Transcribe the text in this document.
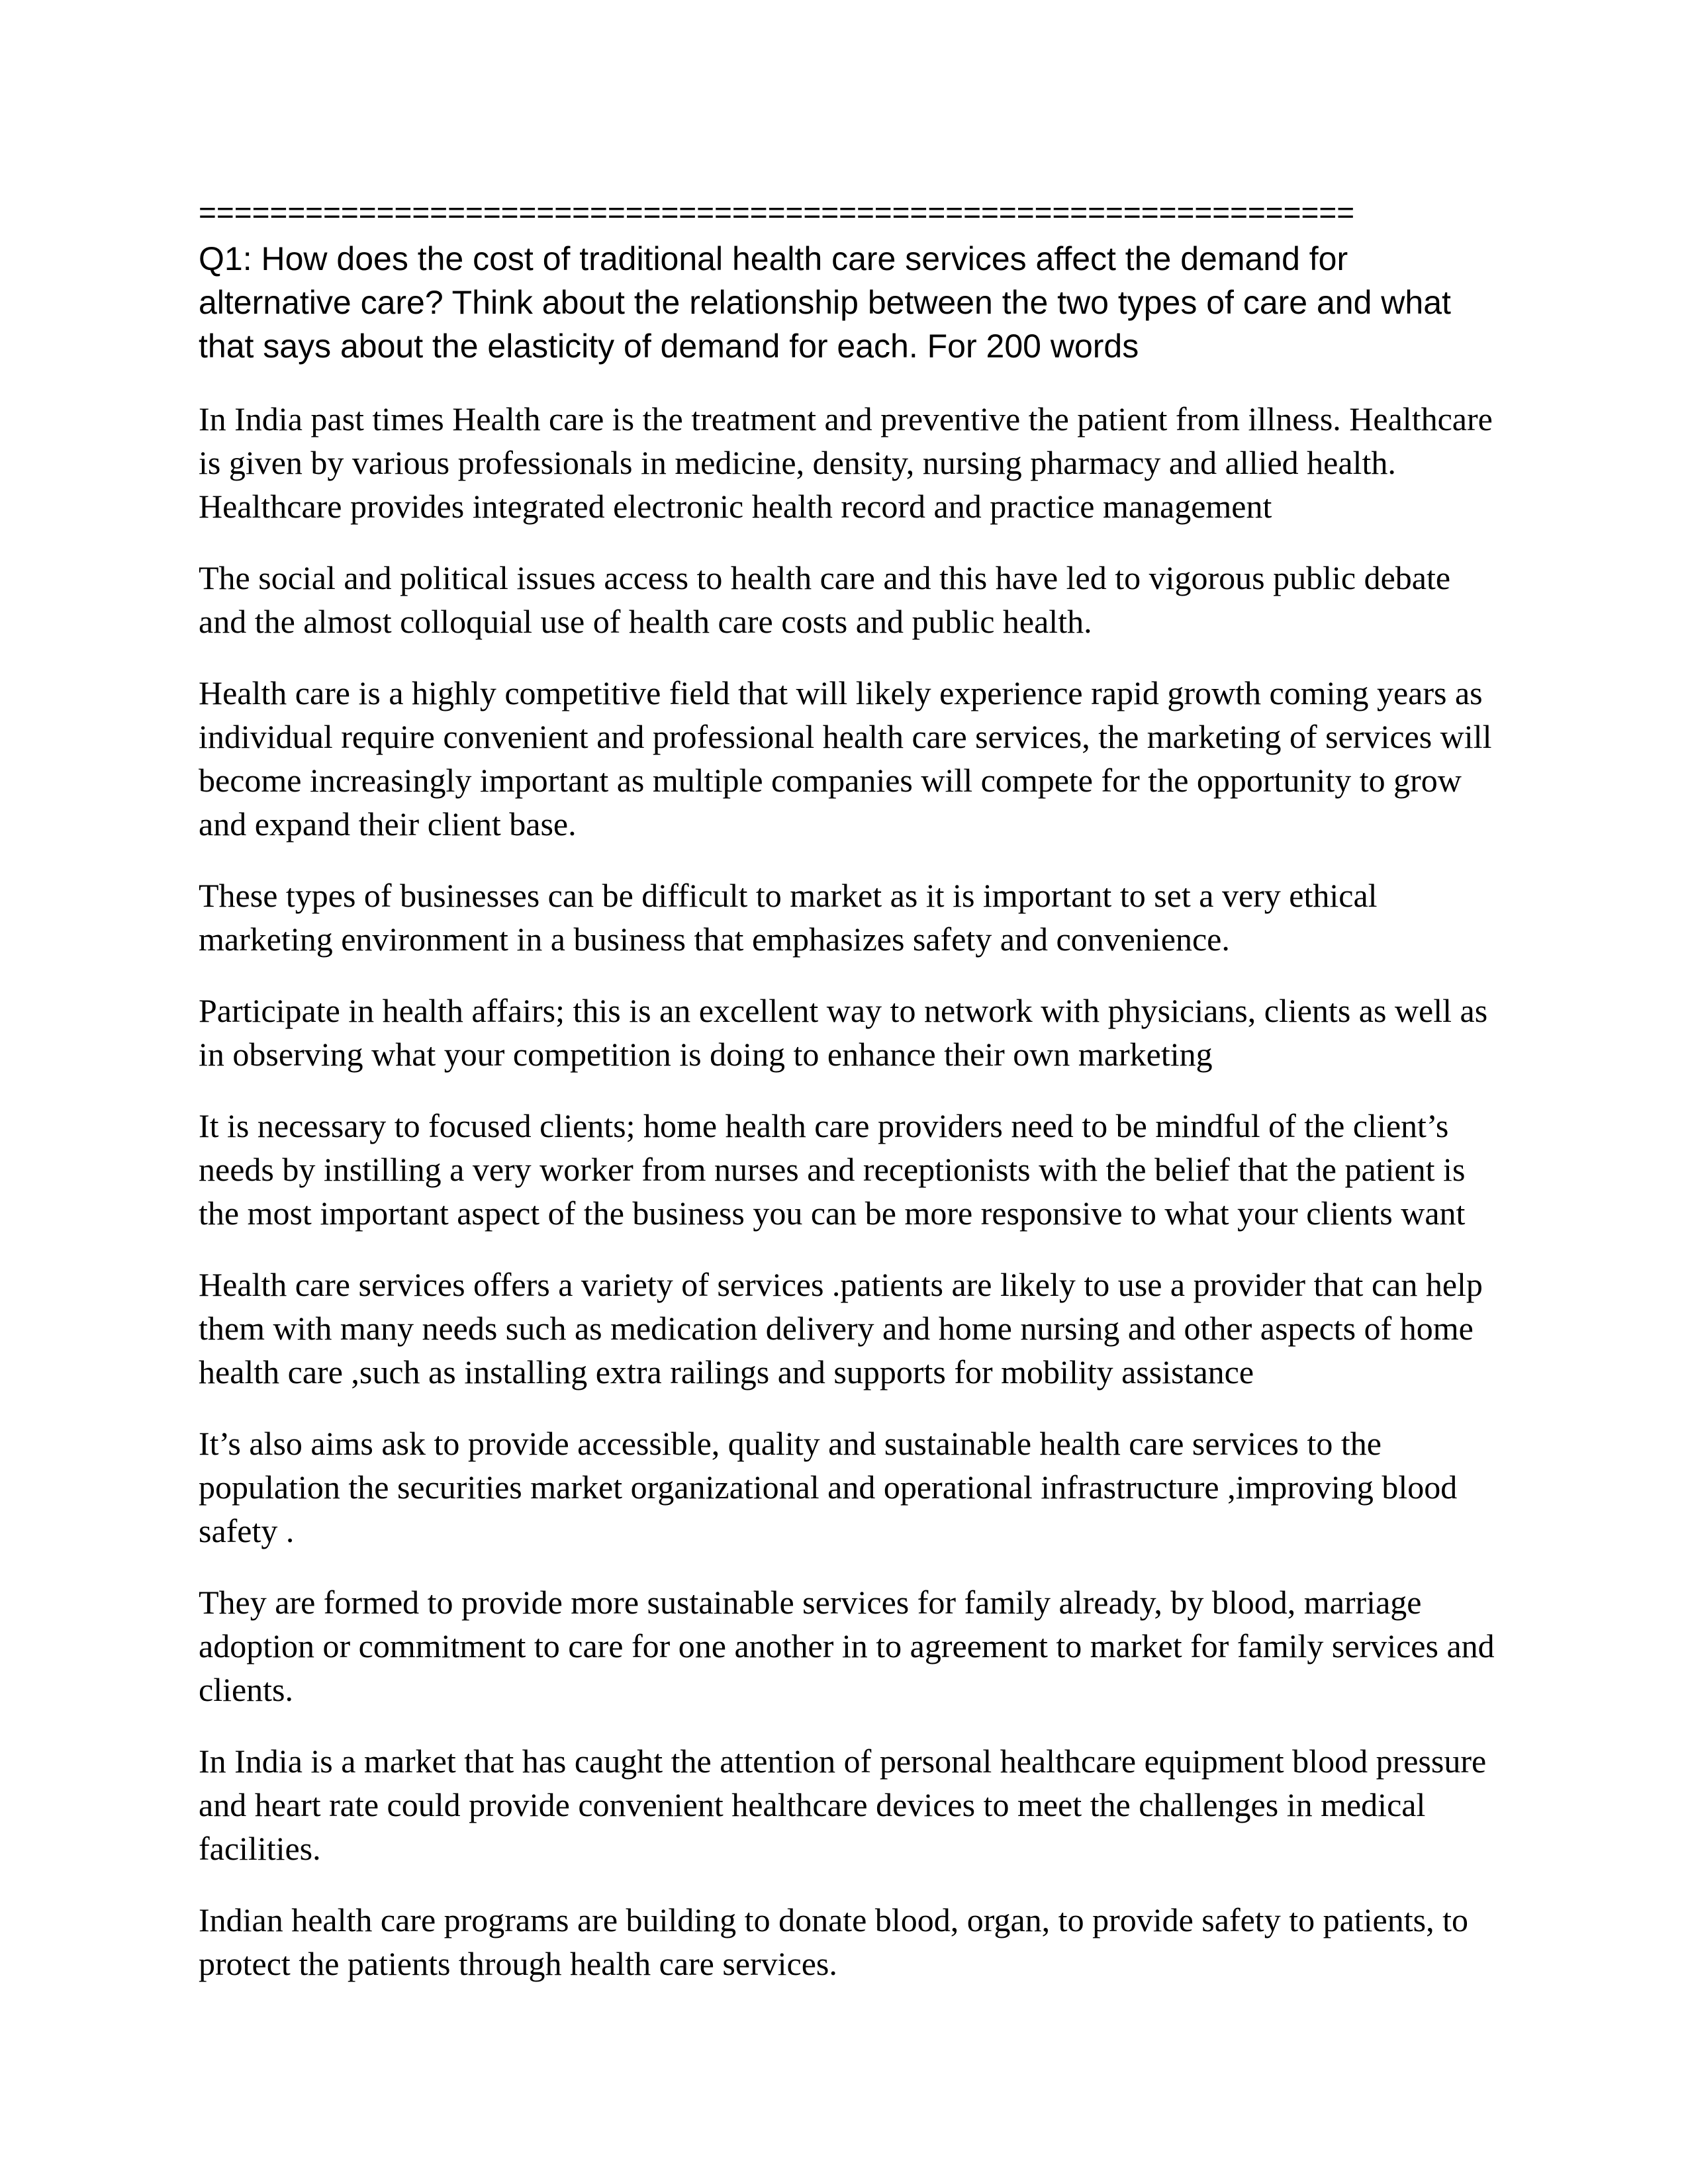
=================================================================

Q1: How does the cost of traditional health care services affect the demand for alternative care? Think about the relationship between the two types of care and what that says about the elasticity of demand for each. For 200 words

In India past times Health care is the treatment and preventive the patient from illness. Healthcare is given by various professionals in medicine, density, nursing pharmacy and allied health. Healthcare provides integrated electronic health record and practice management

The social and political issues access to health care and this have led to vigorous public debate and the almost colloquial use of health care costs and public health.

Health care is a highly competitive field that will likely experience rapid growth coming years as individual require convenient and professional health care services, the marketing of services will become increasingly important as multiple companies will compete for the opportunity to grow and expand their client base.

These types of businesses can be difficult to market as it is important to set a very ethical marketing environment in a business that emphasizes safety and convenience.

Participate in health affairs; this is an excellent way to network with physicians, clients as well as in observing what your competition is doing to enhance their own marketing

It is necessary to focused clients; home health care providers need to be mindful of the client’s needs by instilling a very worker from nurses and receptionists with the belief that the patient is the most important aspect of the business you can be more responsive to what your clients want

Health care services offers a variety of services .patients are likely to use a provider that can help them with many needs such as medication delivery and home nursing and other aspects of home health care ,such as installing extra railings and supports for mobility assistance

It’s also aims ask to provide accessible, quality and sustainable health care services to the population the securities market organizational and operational infrastructure ,improving blood safety .

They are formed to provide more sustainable services for family already, by blood, marriage adoption or commitment to care for one another in to agreement to market for family services and clients.

In India is a market that has caught the attention of personal healthcare equipment blood pressure and heart rate could provide convenient healthcare devices to meet the challenges in medical facilities.

Indian health care programs are building to donate blood, organ, to provide safety to patients, to protect the patients through health care services.
